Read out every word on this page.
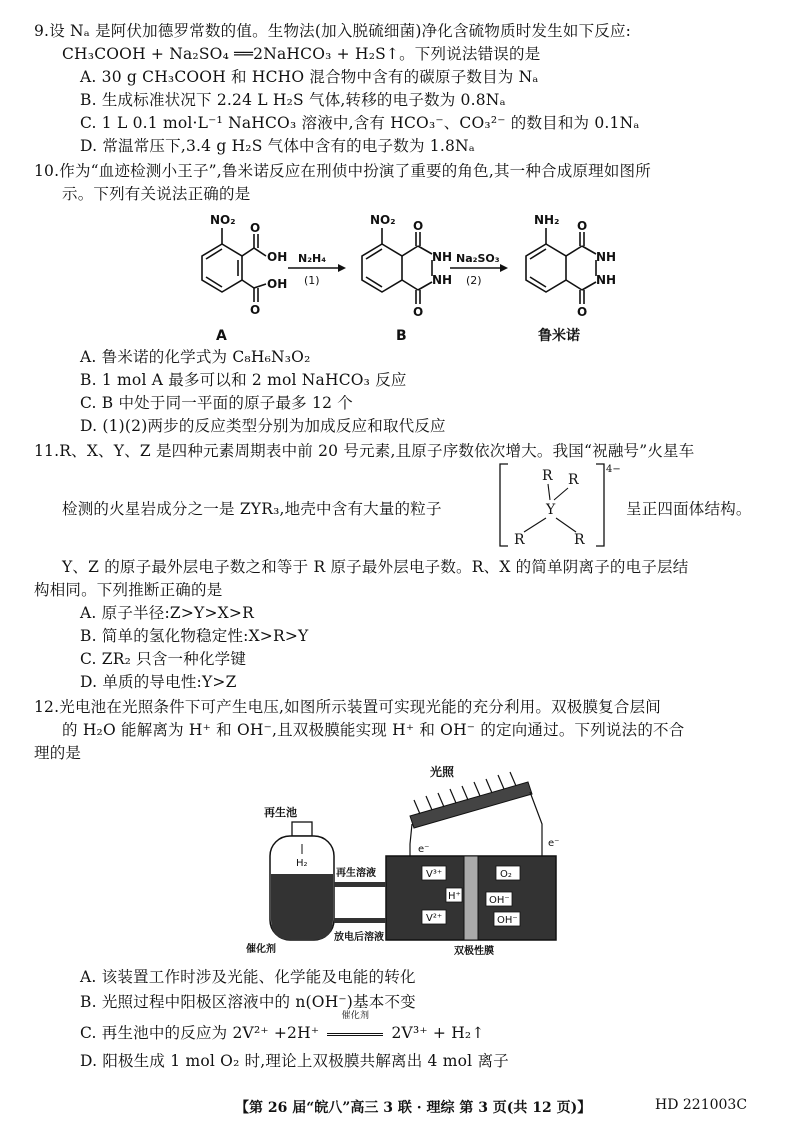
9.设 Nₐ 是阿伏加德罗常数的值。生物法(加入脱硫细菌)净化含硫物质时发生如下反应:
CH₃COOH + Na₂SO₄ ══2NaHCO₃ + H₂S↑。下列说法错误的是
A. 30 g CH₃COOH 和 HCHO 混合物中含有的碳原子数目为 Nₐ
B. 生成标准状况下 2.24 L H₂S 气体,转移的电子数为 0.8Nₐ
C. 1 L 0.1 mol·L⁻¹ NaHCO₃ 溶液中,含有 HCO₃⁻、CO₃²⁻ 的数目和为 0.1Nₐ
D. 常温常压下,3.4 g H₂S 气体中含有的电子数为 1.8Nₐ
10.作为“血迹检测小王子”,鲁米诺反应在刑侦中扮演了重要的角色,其一种合成原理如图所
示。下列有关说法正确的是
NO₂
O
OH
OH
O
A
N₂H₄
(1)
NO₂ O
NH
NH
O
B
Na₂SO₃
(2)
NH₂ O
NH
NH
O
鲁米诺
A. 鲁米诺的化学式为 C₈H₆N₃O₂
B. 1 mol A 最多可以和 2 mol NaHCO₃ 反应
C. B 中处于同一平面的原子最多 12 个
D. (1)(2)两步的反应类型分别为加成反应和取代反应
11.R、X、Y、Z 是四种元素周期表中前 20 号元素,且原子序数依次增大。我国“祝融号”火星车
检测的火星岩成分之一是 ZYR₃,地壳中含有大量的粒子
R R
Y
R	R
4−
呈正四面体结构。
Y、Z 的原子最外层电子数之和等于 R 原子最外层电子数。R、X 的简单阴离子的电子层结
构相同。下列推断正确的是
A. 原子半径:Z>Y>X>R
B. 简单的氢化物稳定性:X>R>Y
C. ZR₂ 只含一种化学键
D. 单质的导电性:Y>Z
12.光电池在光照条件下可产生电压,如图所示装置可实现光能的充分利用。双极膜复合层间
的 H₂O 能解离为 H⁺ 和 OH⁻,且双极膜能实现 H⁺ 和 OH⁻ 的定向通过。下列说法的不合
理的是
光照
e⁻
e⁻
V³⁺
V²⁺
H⁺
O₂
OH⁻
OH⁻
H₂
再生池
再生溶液
放电后溶液
催化剂	双极性膜
A. 该装置工作时涉及光能、化学能及电能的转化
B. 光照过程中阳极区溶液中的 n(OH⁻)基本不变
C. 再生池中的反应为 2V²⁺ +2H⁺
催化剂
2V³⁺ + H₂↑
D. 阳极生成 1 mol O₂ 时,理论上双极膜共解离出 4 mol 离子
【第 26 届“皖八”高三 3 联 · 理综 第 3 页(共 12 页)】	HD 221003C
